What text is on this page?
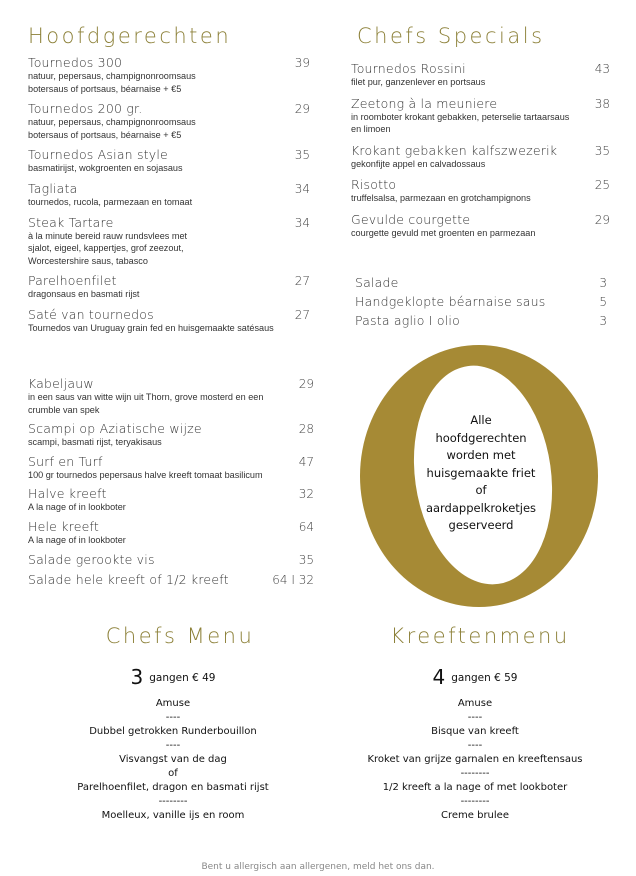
Hoofdgerechten	Chefs Specials
Tournedos 300	39
natuur, pepersaus, champignonroomsaus
botersaus of portsaus, béarnaise + €5
Tournedos 200 gr.	29
natuur, pepersaus, champignonroomsaus
botersaus of portsaus, béarnaise + €5
Tournedos Asian style	35
basmatirijst, wokgroenten en sojasaus
Tagliata	34
tournedos, rucola, parmezaan en tomaat
Steak Tartare	34
à la minute bereid rauw rundsvlees met
sjalot, eigeel, kappertjes, grof zeezout,
Worcestershire saus, tabasco
Parelhoenfilet	27
dragonsaus en basmati rijst
Saté van tournedos	27
Tournedos van Uruguay grain fed en huisgemaakte satésaus
Kabeljauw	29
in een saus van witte wijn uit Thorn, grove mosterd en een
crumble van spek
Scampi op Aziatische wijze	28
scampi, basmati rijst, teryakisaus
Surf en Turf	47
100 gr tournedos pepersaus halve kreeft tomaat basilicum
Halve kreeft	32
A la nage of in lookboter
Hele kreeft	64
A la nage of in lookboter
Salade gerookte vis	35
Salade hele kreeft of 1/2 kreeft	64 I 32
Tournedos Rossini	43
filet pur, ganzenlever en portsaus
Zeetong à la meuniere	38
in roomboter krokant gebakken, peterselie tartaarsaus
en limoen
Krokant gebakken kalfszwezerik	35
gekonfijte appel en calvadossaus
Risotto	25
truffelsalsa, parmezaan en grotchampignons
Gevulde courgette	29
courgette gevuld met groenten en parmezaan
Salade	3
Handgeklopte béarnaise saus	5
Pasta aglio I olio	3
Alle
hoofdgerechten
worden met
huisgemaakte friet
of
aardappelkroketjes
geserveerd
Chefs Menu	Kreeftenmenu
3 gangen € 49
Amuse
----
Dubbel getrokken Runderbouillon
----
Visvangst van de dag
of
Parelhoenfilet, dragon en basmati rijst
--------
Moelleux, vanille ijs en room
4 gangen € 59
Amuse
----
Bisque van kreeft
----
Kroket van grijze garnalen en kreeftensaus
--------
1/2 kreeft a la nage of met lookboter
--------
Creme brulee
Bent u allergisch aan allergenen, meld het ons dan.
